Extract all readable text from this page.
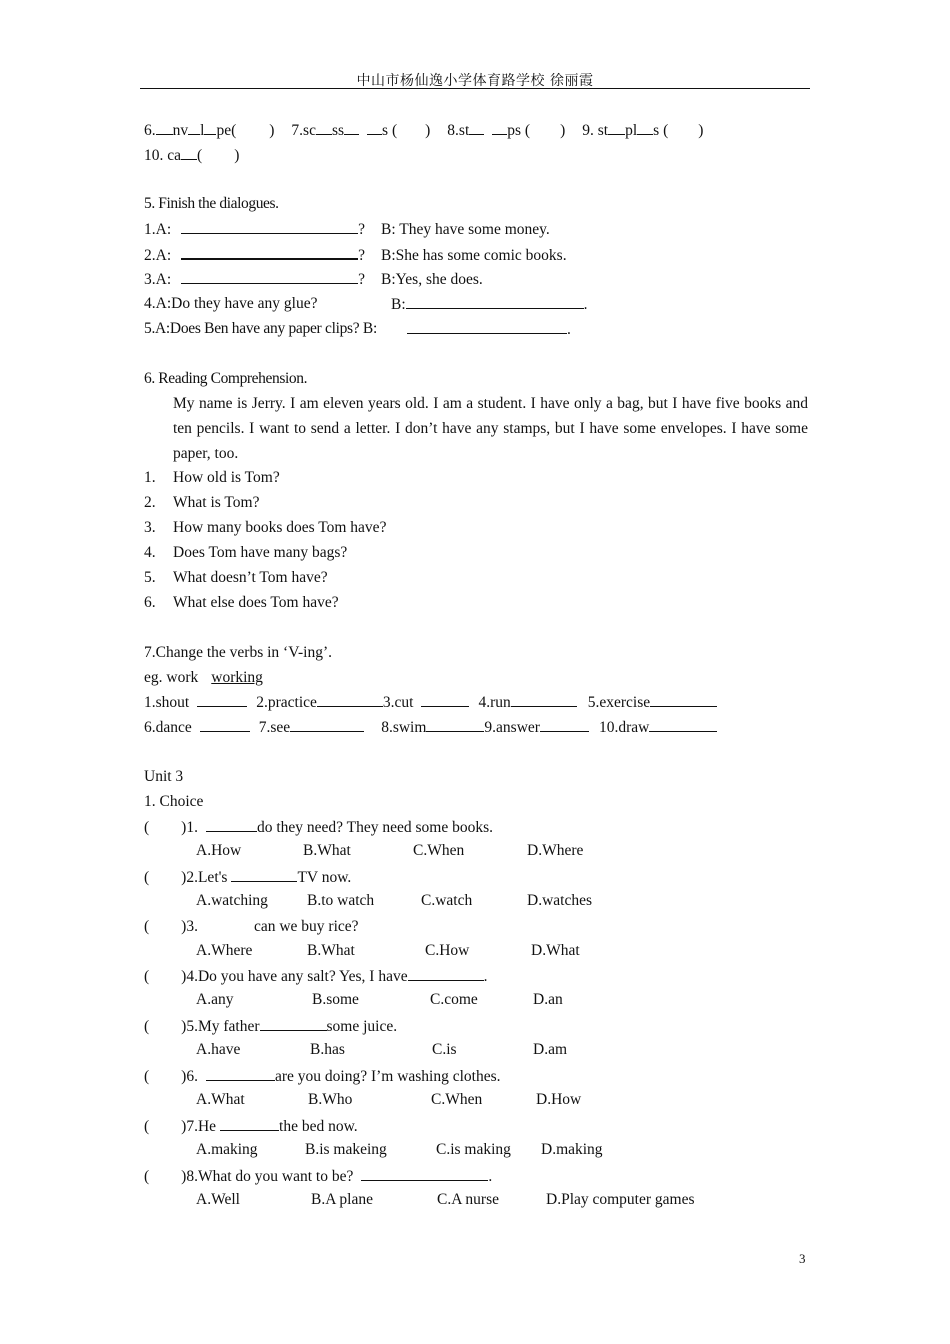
中山市杨仙逸小学体育路学校 徐丽霞
6. nv l pe( ) 7.sc ss s ( ) 8.st ps ( ) 9. st pl s ( )
10. ca ( )
5. Finish the dialogues.
1.A:	? B: They have some money.
2.A:	? B:She has some comic books.
3.A:	? B:Yes, she does.
4.A:Do they have any glue?	B:	.
5.A:Does Ben have any paper clips? B:	.
6. Reading Comprehension.
My name is Jerry. I am eleven years old. I am a student. I have only a bag, but I have five books and ten pencils. I want to send a letter. I don’t have any stamps, but I have some envelopes. I have some paper, too.
1. How old is Tom?
2. What is Tom?
3. How many books does Tom have?
4. Does Tom have many bags?
5. What doesn’t Tom have?
6. What else does Tom have?
7.Change the verbs in ‘V-ing’.
eg. work working
1.shout	2.practice	3.cut	4.run	5.exercise
6.dance	7.see	8.swim	9.answer	10.draw
Unit 3
1. Choice
( )1.	do they need? They need some books.
A.How	B.What	C.When	D.Where
( )2.Let's	TV now.
A.watching	B.to watch	C.watch	D.watches
( )3.	can we buy rice?
A.Where	B.What	C.How	D.What
( )4.Do you have any salt? Yes, I have	.
A.any	B.some	C.come	D.an
( )5.My father	some juice.
A.have	B.has	C.is	D.am
( )6.	are you doing? I’m washing clothes.
A.What	B.Who	C.When	D.How
( )7.He	the bed now.
A.making	B.is makeing	C.is making D.making
( )8.What do you want to be?	.
A.Well	B.A plane	C.A nurse	D.Play computer games
3
